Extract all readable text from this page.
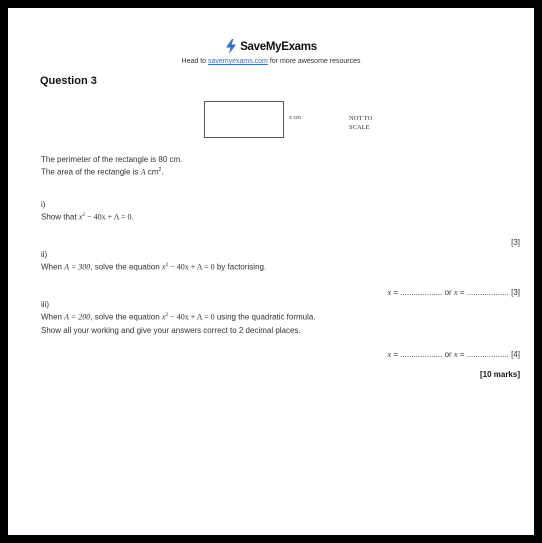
SaveMyExams
Head to savemyexams.com for more awesome resources
Question 3
x cm	NOT TO
SCALE
The perimeter of the rectangle is 80 cm.
The area of the rectangle is A $cm^2$.
i)
Show that $x^2 - 40x + A = 0$.
[3]
ii)
When A = 300, solve the equation $x^2 - 40x + A = 0$ by factorising.
x = ................... or x = ................... [3]
iii)
When A = 200, solve the equation $x^2 - 40x + A = 0$ using the quadratic formula.
Show all your working and give your answers correct to 2 decimal places.
x = ................... or x = ................... [4]
[10 marks]
